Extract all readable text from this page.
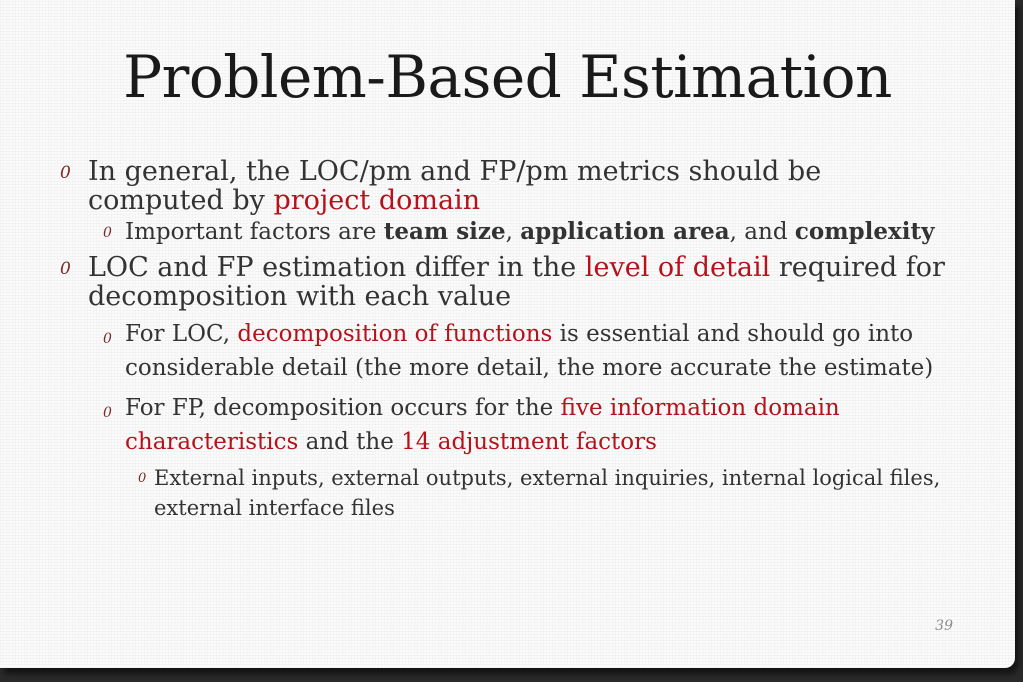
Problem-Based Estimation
0 In general, the LOC/pm and FP/pm metrics should be computed by project domain
0 Important factors are team size, application area, and complexity
0 LOC and FP estimation differ in the level of detail required for decomposition with each value
0 For LOC, decomposition of functions is essential and should go into considerable detail (the more detail, the more accurate the estimate)
0 For FP, decomposition occurs for the five information domain characteristics and the 14 adjustment factors
0 External inputs, external outputs, external inquiries, internal logical files, external interface files
39
